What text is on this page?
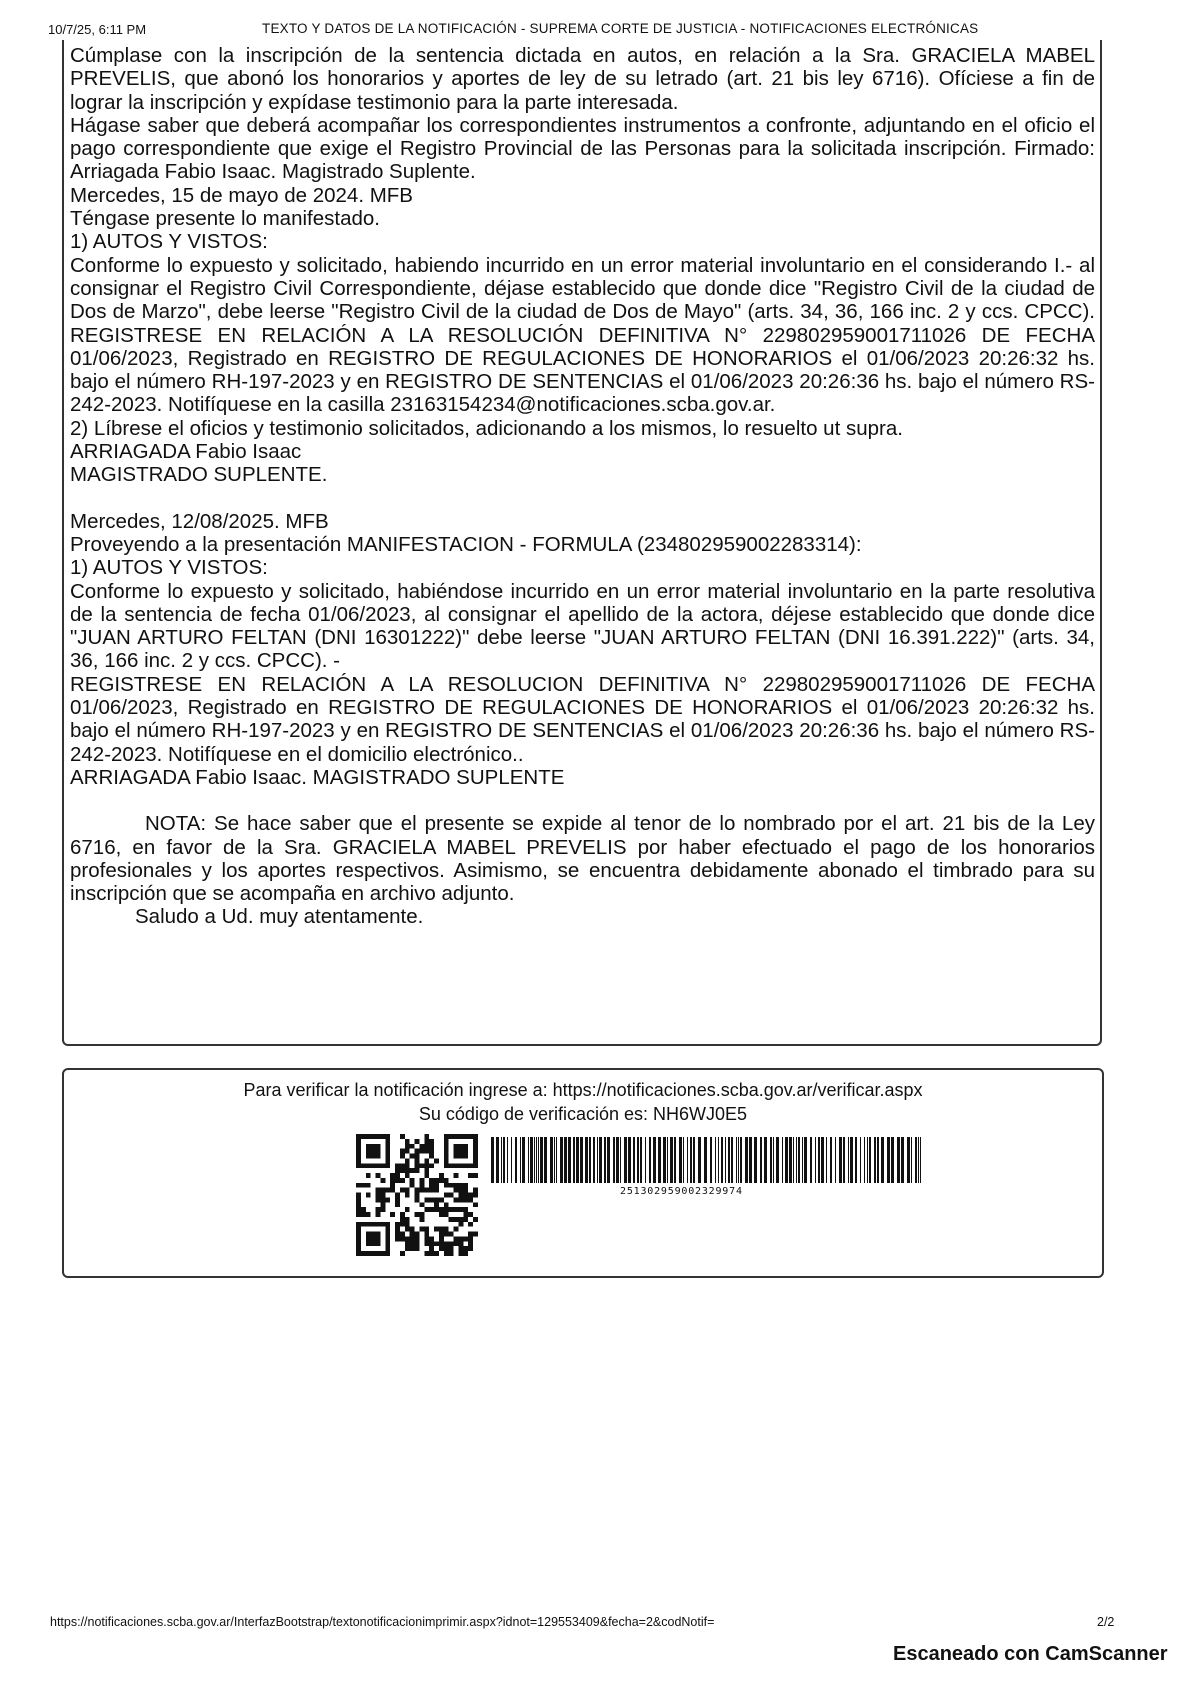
10/7/25, 6:11 PM	TEXTO Y DATOS DE LA NOTIFICACIÓN - SUPREMA CORTE DE JUSTICIA - NOTIFICACIONES ELECTRÓNICAS

Cúmplase con la inscripción de la sentencia dictada en autos, en relación a la Sra. GRACIELA MABEL PREVELIS, que abonó los honorarios y aportes de ley de su letrado (art. 21 bis ley 6716). Ofíciese a fin de lograr la inscripción y expídase testimonio para la parte interesada.

Hágase saber que deberá acompañar los correspondientes instrumentos a confronte, adjuntando en el oficio el pago correspondiente que exige el Registro Provincial de las Personas para la solicitada inscripción. Firmado: Arriagada Fabio Isaac. Magistrado Suplente.

Mercedes, 15 de mayo de 2024. MFB

Téngase presente lo manifestado.

1) AUTOS Y VISTOS:

Conforme lo expuesto y solicitado, habiendo incurrido en un error material involuntario en el considerando I.- al consignar el Registro Civil Correspondiente, déjase establecido que donde dice "Registro Civil de la ciudad de Dos de Marzo", debe leerse "Registro Civil de la ciudad de Dos de Mayo" (arts. 34, 36, 166 inc. 2 y ccs. CPCC). REGISTRESE EN RELACIÓN A LA RESOLUCIÓN DEFINITIVA N° 229802959001711026 DE FECHA 01/06/2023, Registrado en REGISTRO DE REGULACIONES DE HONORARIOS el 01/06/2023 20:26:32 hs. bajo el número RH-197-2023 y en REGISTRO DE SENTENCIAS el 01/06/2023 20:26:36 hs. bajo el número RS-242-2023. Notifíquese en la casilla 23163154234@notificaciones.scba.gov.ar.

2) Líbrese el oficios y testimonio solicitados, adicionando a los mismos, lo resuelto ut supra.

ARRIAGADA Fabio Isaac

MAGISTRADO SUPLENTE.

Mercedes, 12/08/2025. MFB

Proveyendo a la presentación MANIFESTACION - FORMULA (234802959002283314):

1) AUTOS Y VISTOS:

Conforme lo expuesto y solicitado, habiéndose incurrido en un error material involuntario en la parte resolutiva de la sentencia de fecha 01/06/2023, al consignar el apellido de la actora, déjese establecido que donde dice "JUAN ARTURO FELTAN (DNI 16301222)" debe leerse "JUAN ARTURO FELTAN (DNI 16.391.222)" (arts. 34, 36, 166 inc. 2 y ccs. CPCC). -

REGISTRESE EN RELACIÓN A LA RESOLUCION DEFINITIVA N° 229802959001711026 DE FECHA 01/06/2023, Registrado en REGISTRO DE REGULACIONES DE HONORARIOS el 01/06/2023 20:26:32 hs. bajo el número RH-197-2023 y en REGISTRO DE SENTENCIAS el 01/06/2023 20:26:36 hs. bajo el número RS-242-2023. Notifíquese en el domicilio electrónico..

ARRIAGADA Fabio Isaac. MAGISTRADO SUPLENTE

NOTA: Se hace saber que el presente se expide al tenor de lo nombrado por el art. 21 bis de la Ley 6716, en favor de la Sra. GRACIELA MABEL PREVELIS por haber efectuado el pago de los honorarios profesionales y los aportes respectivos. Asimismo, se encuentra debidamente abonado el timbrado para su inscripción que se acompaña en archivo adjunto.

Saludo a Ud. muy atentamente.

Para verificar la notificación ingrese a: https://notificaciones.scba.gov.ar/verificar.aspx
Su código de verificación es: NH6WJ0E5
251302959002329974
https://notificaciones.scba.gov.ar/InterfazBootstrap/textonotificacionimprimir.aspx?idnot=129553409&fecha=2&codNotif=	2/2
Escaneado con CamScanner
